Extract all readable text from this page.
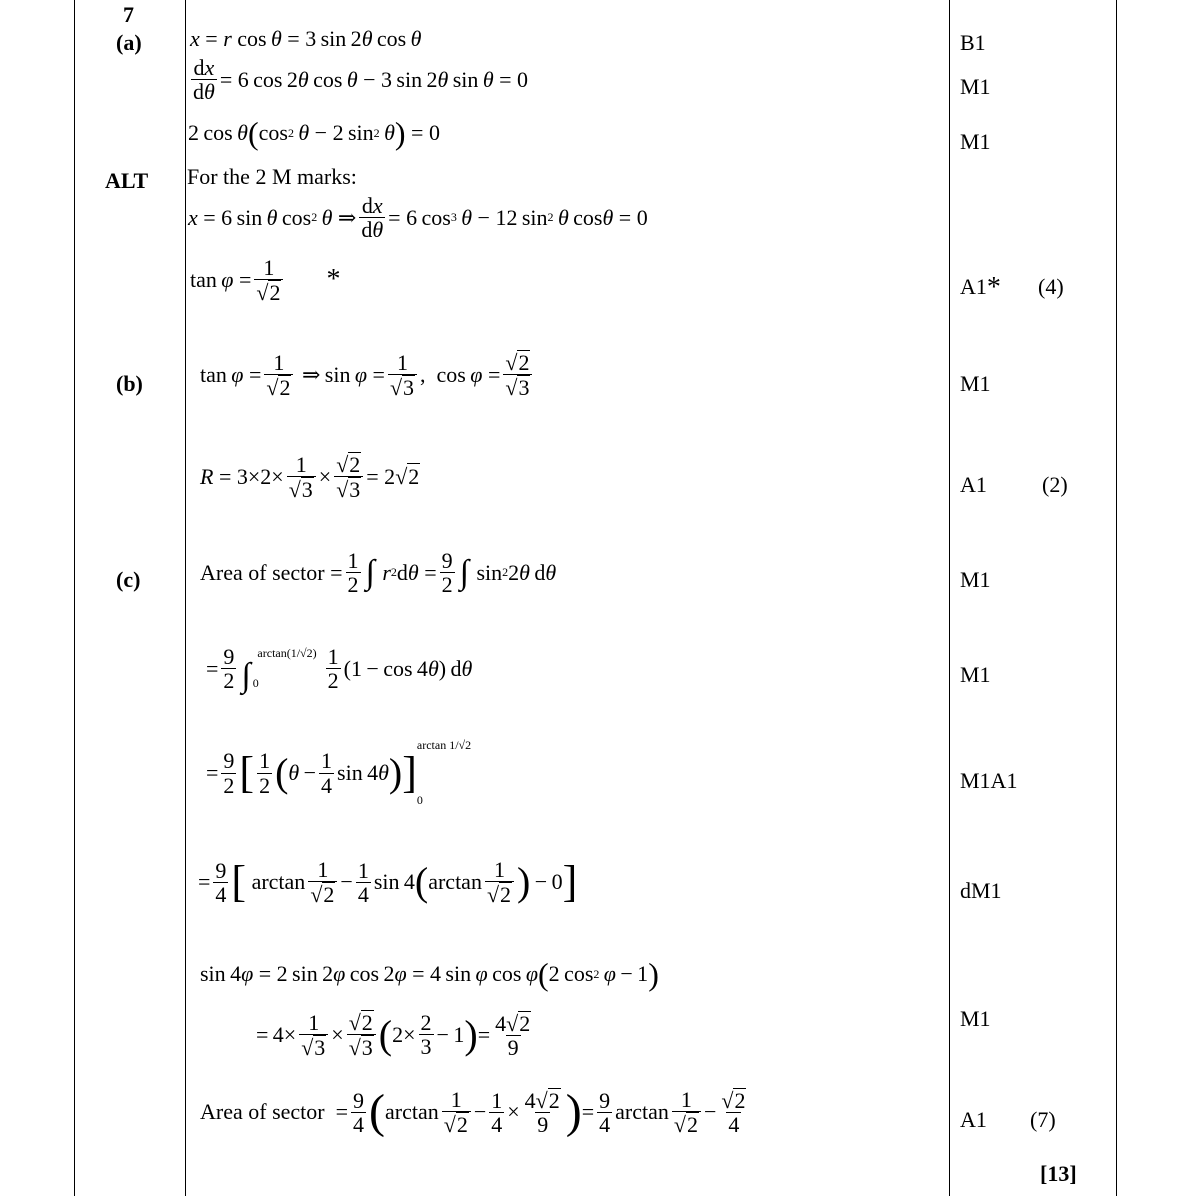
7
(a)
ALT
(b)
(c)
x = r cos  θ = 3 sin 2 θ  cos  θ
$\frac{dx}{d\theta} = 6$ cos 2 θ  cos  θ − 3 sin 2 θ  sin  θ = 0
2 cos  θ ( cos 2
  θ − 2 sin 2
  θ ) = 0
For the 2 M marks:
x = 6 sin  θ  cos 2
  θ ⇒ $\frac{dx}{d\theta} = 6$ cos 3
  θ − 12 sin 2
  θ  cos θ = 0
$\tan \varphi = \frac{1}{√ 2}$ *
$\tan \varphi = \frac{1}{√ 2}$ ⇒ $\sin \varphi = \frac{1}{√ 3}$ ,  $\cos \varphi = \frac{√ 2}{√ 3}$
$R = 3\times 2\times \frac{1}{√ 3} \times \frac{√ 2}{√ 3} = 2$ √ 2
Area of sector = $\frac{1}{2}$ ∫
r 2 d $\theta = \frac{9}{2}$ ∫ sin 2 2 θ  d θ
= $\frac{9}{2} \arctan(1/√2)$
∫ 0	$\frac{1}{2} (1 - \cos 4$ θ ) d θ
= $\frac{9}{2}$ [ $\frac{1}{2}$ ( $\theta - \frac{1}{4}$ sin 4 θ ) ]
arctan 1/√2
0
= $\frac{9}{4}$ [ $\arctan \frac{1}{√ 2} - \frac{1}{4}$ sin 4 ( $\arctan \frac{1}{√ 2}$ )  − 0 ]
sin 4 φ = 2 sin 2 φ  cos 2 φ = 4 sin  φ  cos  φ ( 2 cos 2
  φ  − 1 )
= $4\times \frac{1}{√ 3} \times \frac{√ 2}{√ 3}$ ( $2\times \frac{2}{3} - 1$ ) = $\frac{4 √ 2}{9}$
Area of sector = $\frac{9}{4}$ ( $\arctan \frac{1}{√ 2} - \frac{1}{4} \times \frac{4 √ 2}{9}$ ) = $\frac{9}{4}$ $\arctan \frac{1}{√ 2} - \frac{√ 2}{4}$
B1
M1
M1
A1* (4)
M1
A1	(2)
M1
M1
M1A1
dM1
M1
A1 (7)
[13]
